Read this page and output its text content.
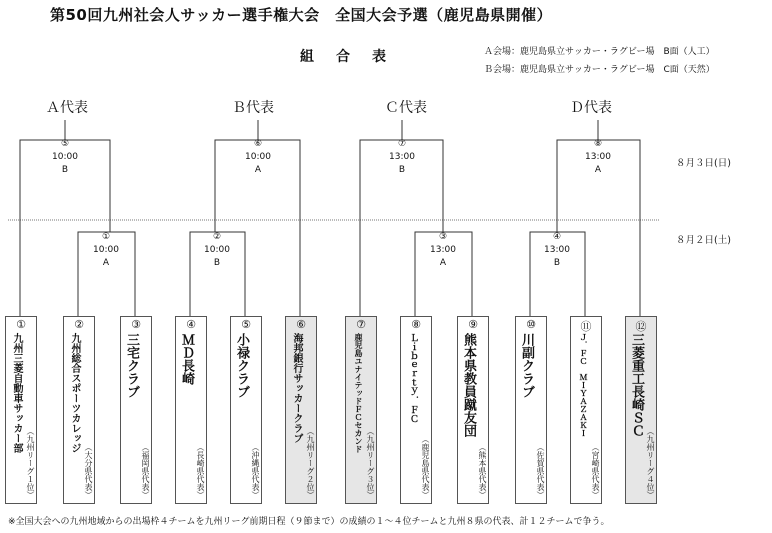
第50回九州社会人サッカー選手権大会　全国大会予選（鹿児島県開催）
組合表	Ａ会場：鹿児島県立サッカー・ラグビー場　B面（人工）
Ｂ会場：鹿児島県立サッカー・ラグビー場　C面（天然）
Ａ代表	Ｂ代表	Ｃ代表	Ｄ代表
８月３日(日)
８月２日(土)
⑤
10:00
B
⑥
10:00
A
⑦
13:00
B
⑧
13:00
A
①
10:00
A
②
10:00
B
③
13:00
A
④
13:00
B
①
九州三菱自動車サッカー部
（九州リーグ１位）
②
九州総合スポーツカレッジ
（大分県代表）
③
三宅クラブ
（福岡県代表）
④
ＭＤ長崎
（長崎県代表）
⑤
小禄クラブ
（沖縄県代表）
⑥
海邦銀行サッカークラブ
（九州リーグ２位）
⑦
鹿児島ユナイテッドＦＣセカンド
（九州リーグ３位）
⑧
Ｌｉｂｅｒｔｙ．ＦＣ
（鹿児島県代表）
⑨
熊本県教員蹴友団
（熊本県代表）
⑩
川副クラブ
（佐賀県代表）
⑪
Ｊ．ＦＣ　ＭＩＹＡＺＡＫＩ
（宮崎県代表）
⑫
三菱重工長崎ＳＣ
（九州リーグ４位）
※全国大会への九州地域からの出場枠４チームを九州リーグ前期日程（９節まで）の成績の１～４位チームと九州８県の代表、計１２チームで争う。
